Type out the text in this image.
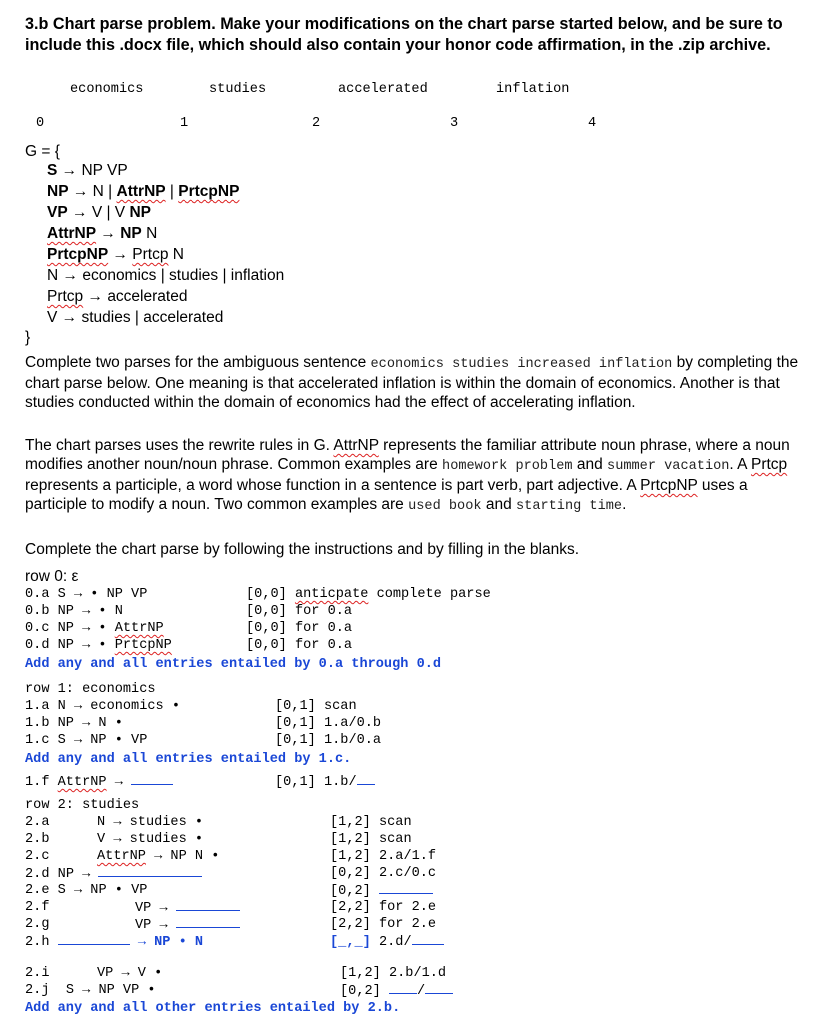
3.b Chart parse problem. Make your modifications on the chart parse started below, and be sure to include this .docx file, which should also contain your honor code affirmation, in the .zip archive.
economics	studies	accelerated	inflation
0	1	2	3	4
G = {
S → NP VP
NP → N | AttrNP | PrtcpNP
VP → V | V NP
AttrNP → NP N
PrtcpNP → Prtcp N
N → economics | studies | inflation
Prtcp → accelerated
V → studies | accelerated
}
Complete two parses for the ambiguous sentence economics studies increased inflation by completing the chart parse below. One meaning is that accelerated inflation is within the domain of economics. Another is that studies conducted within the domain of economics had the effect of accelerating inflation.
The chart parses uses the rewrite rules in G. AttrNP represents the familiar attribute noun phrase, where a noun modifies another noun/noun phrase. Common examples are homework problem and summer vacation. A Prtcp represents a participle, a word whose function in a sentence is part verb, part adjective. A PrtcpNP uses a participle to modify a noun. Two common examples are used book and starting time.
Complete the chart parse by following the instructions and by filling in the blanks.
row 0: ε
0.a S → • NP VP	[0,0] anticpate complete parse
0.b NP → • N	[0,0] for 0.a
0.c NP → • AttrNP	[0,0] for 0.a
0.d NP → • PrtcpNP	[0,0] for 0.a
Add any and all entries entailed by 0.a through 0.d
row 1: economics
1.a N → economics •	[0,1] scan
1.b NP → N •	[0,1] 1.a/0.b
1.c S → NP • VP	[0,1] 1.b/0.a
Add any and all entries entailed by 1.c.
1.f AttrNP →	[0,1] 1.b/
row 2: studies
2.a	N → studies •	[1,2] scan
2.b	V → studies •	[1,2] scan
2.c	AttrNP → NP N •	[1,2] 2.a/1.f
2.d NP →	[0,2] 2.c/0.c
2.e S → NP • VP	[0,2]
2.f	VP →	[2,2] for 2.e
2.g	VP →	[2,2] for 2.e
2.h	→ NP • N	[_,_] 2.d/
2.i	VP → V •	[1,2] 2.b/1.d
2.j S → NP VP •	[0,2]	/
Add any and all other entries entailed by 2.b.
